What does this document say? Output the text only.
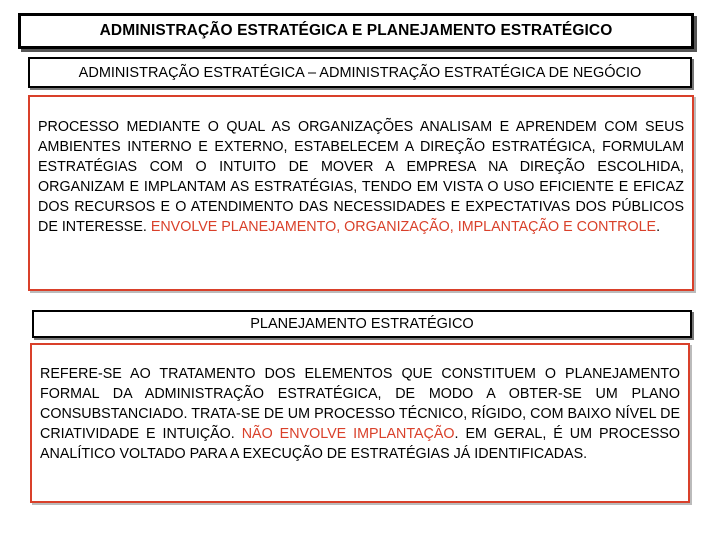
ADMINISTRAÇÃO ESTRATÉGICA E PLANEJAMENTO ESTRATÉGICO
ADMINISTRAÇÃO ESTRATÉGICA – ADMINISTRAÇÃO ESTRATÉGICA DE NEGÓCIO
PROCESSO MEDIANTE O QUAL AS ORGANIZAÇÕES ANALISAM E APRENDEM COM SEUS AMBIENTES INTERNO E EXTERNO, ESTABELECEM A DIREÇÃO ESTRATÉGICA, FORMULAM ESTRATÉGIAS COM O INTUITO DE MOVER A EMPRESA NA DIREÇÃO ESCOLHIDA, ORGANIZAM E IMPLANTAM AS ESTRATÉGIAS, TENDO EM VISTA O USO EFICIENTE E EFICAZ DOS RECURSOS E O ATENDIMENTO DAS NECESSIDADES E EXPECTATIVAS DOS PÚBLICOS DE INTERESSE. ENVOLVE PLANEJAMENTO, ORGANIZAÇÃO, IMPLANTAÇÃO E CONTROLE.
PLANEJAMENTO ESTRATÉGICO
REFERE-SE AO TRATAMENTO DOS ELEMENTOS QUE CONSTITUEM O PLANEJAMENTO FORMAL DA ADMINISTRAÇÃO ESTRATÉGICA, DE MODO A OBTER-SE UM PLANO CONSUBSTANCIADO. TRATA-SE DE UM PROCESSO TÉCNICO, RÍGIDO, COM BAIXO NÍVEL DE CRIATIVIDADE E INTUIÇÃO. NÃO ENVOLVE IMPLANTAÇÃO. EM GERAL, É UM PROCESSO ANALÍTICO VOLTADO PARA A EXECUÇÃO DE ESTRATÉGIAS JÁ IDENTIFICADAS.
